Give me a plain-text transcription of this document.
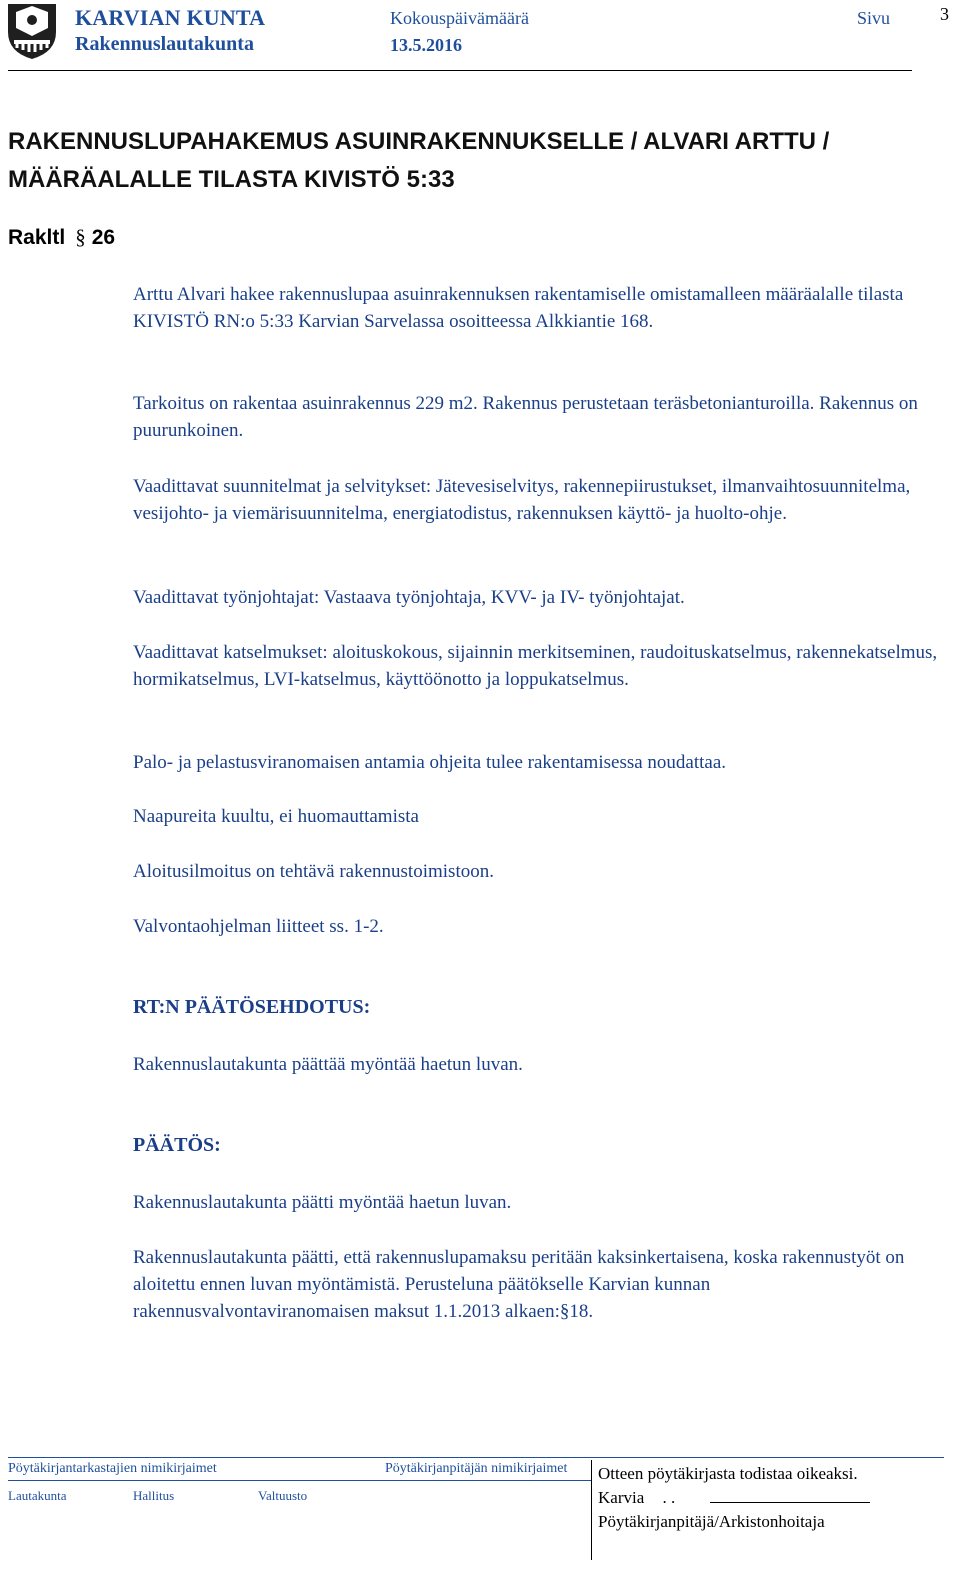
KARVIAN KUNTA
Rakennuslautakunta
Kokouspäivämäärä
13.5.2016
Sivu	3
RAKENNUSLUPAHAKEMUS ASUINRAKENNUKSELLE / ALVARI ARTTU /
MÄÄRÄALALLE TILASTA KIVISTÖ 5:33
Rakltl § 26

Arttu Alvari hakee rakennuslupaa asuinrakennuksen rakentamiselle omistamalleen määräalalle tilasta KIVISTÖ RN:o 5:33 Karvian Sarvelassa osoitteessa Alkkiantie 168.

Tarkoitus on rakentaa asuinrakennus 229 m2. Rakennus perustetaan teräsbetonianturoilla. Rakennus on puurunkoinen.

Vaadittavat suunnitelmat ja selvitykset: Jätevesiselvitys, rakennepiirustukset, ilmanvaihtosuunnitelma, vesijohto- ja viemärisuunnitelma, energiatodistus, rakennuksen käyttö- ja huolto-ohje.

Vaadittavat työnjohtajat: Vastaava työnjohtaja, KVV- ja IV- työnjohtajat.

Vaadittavat katselmukset: aloituskokous, sijainnin merkitseminen, raudoituskatselmus, rakennekatselmus, hormikatselmus, LVI-katselmus, käyttöönotto ja loppukatselmus.

Palo- ja pelastusviranomaisen antamia ohjeita tulee rakentamisessa noudattaa.

Naapureita kuultu, ei huomauttamista

Aloitusilmoitus on tehtävä rakennustoimistoon.

Valvontaohjelman liitteet ss. 1-2.

RT:N PÄÄTÖSEHDOTUS:

Rakennuslautakunta päättää myöntää haetun luvan.

PÄÄTÖS:

Rakennuslautakunta päätti myöntää haetun luvan.

Rakennuslautakunta päätti, että rakennuslupamaksu peritään kaksinkertaisena, koska rakennustyöt on aloitettu ennen luvan myöntämistä. Perusteluna päätökselle Karvian kunnan rakennusvalvontaviranomaisen maksut 1.1.2013 alkaen:§18.

Pöytäkirjantarkastajien nimikirjaimet	Pöytäkirjanpitäjän nimikirjaimet
Lautakunta	Hallitus	Valtuusto
Otteen pöytäkirjasta todistaa oikeaksi.
Karvia . .
Pöytäkirjanpitäjä/Arkistonhoitaja
